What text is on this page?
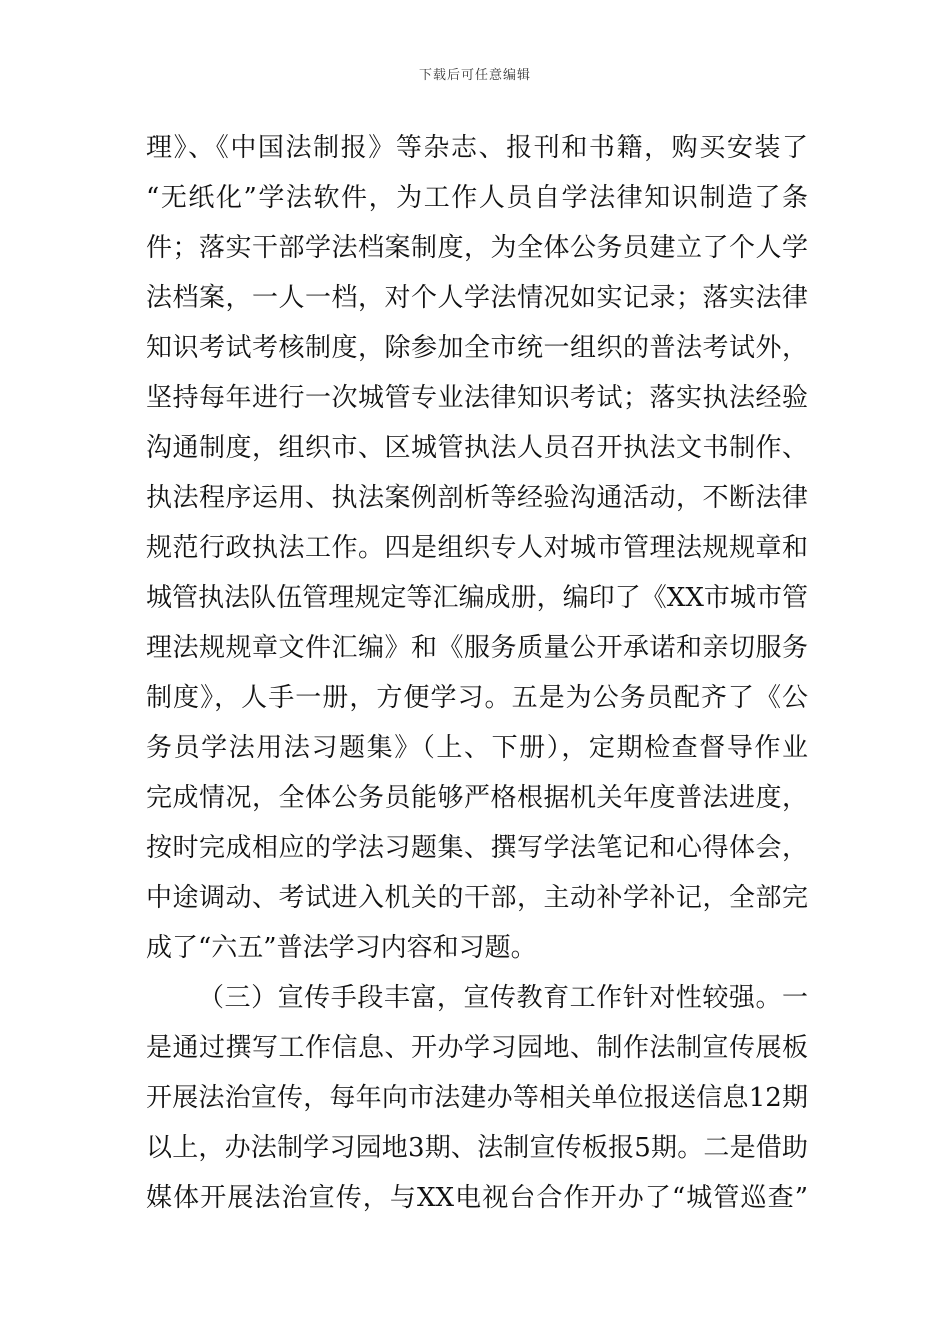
下载后可任意编辑
理》、《中国法制报》等杂志、报刊和书籍，购买安装了
“无纸化”学法软件，为工作人员自学法律知识制造了条
件；落实干部学法档案制度，为全体公务员建立了个人学
法档案，一人一档，对个人学法情况如实记录；落实法律
知识考试考核制度，除参加全市统一组织的普法考试外，
坚持每年进行一次城管专业法律知识考试；落实执法经验
沟通制度，组织市、区城管执法人员召开执法文书制作、
执法程序运用、执法案例剖析等经验沟通活动，不断法律
规范行政执法工作。四是组织专人对城市管理法规规章和
城管执法队伍管理规定等汇编成册，编印了《XX市城市管
理法规规章文件汇编》和《服务质量公开承诺和亲切服务
制度》，人手一册，方便学习。五是为公务员配齐了《公
务员学法用法习题集》（上、下册），定期检查督导作业
完成情况，全体公务员能够严格根据机关年度普法进度，
按时完成相应的学法习题集、撰写学法笔记和心得体会，
中途调动、考试进入机关的干部，主动补学补记，全部完
成了“六五”普法学习内容和习题。
（三）宣传手段丰富，宣传教育工作针对性较强。一
是通过撰写工作信息、开办学习园地、制作法制宣传展板
开展法治宣传，每年向市法建办等相关单位报送信息12期
以上，办法制学习园地3期、法制宣传板报5期。二是借助
媒体开展法治宣传，与XX电视台合作开办了“城管巡查”
